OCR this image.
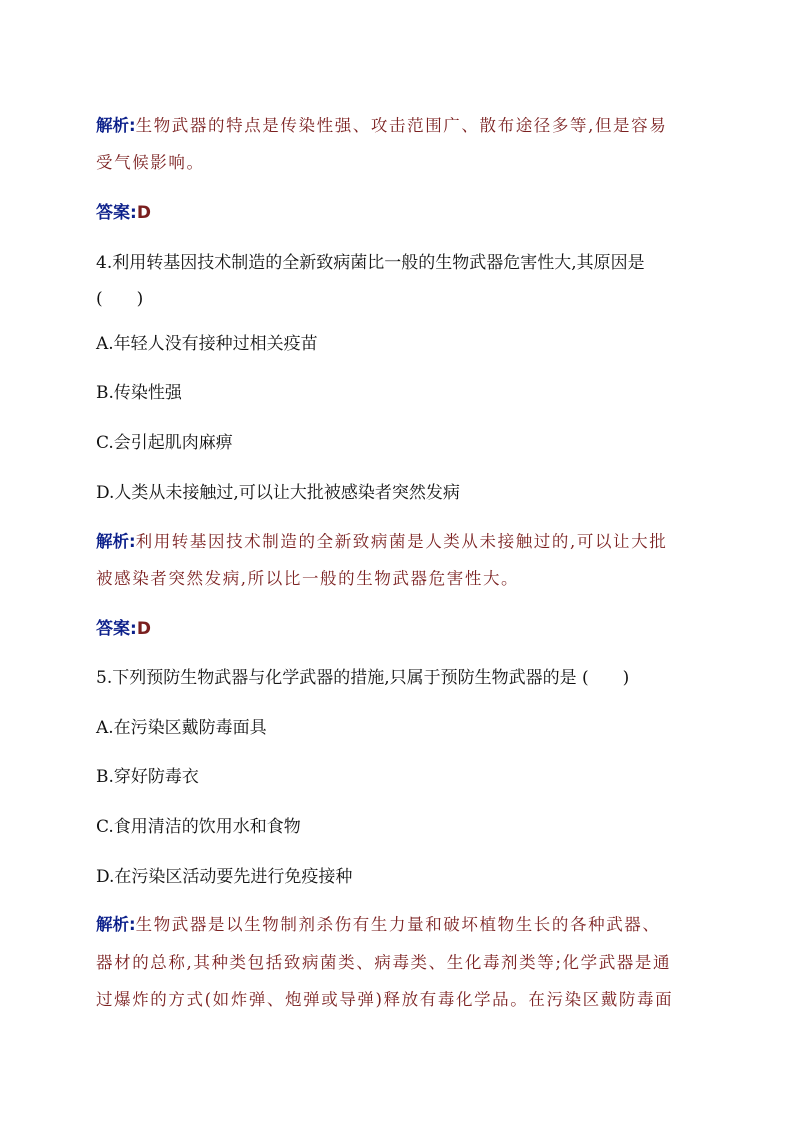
解析:生物武器的特点是传染性强、攻击范围广、散布途径多等,但是容易

受气候影响。

答案:D

4.利用转基因技术制造的全新致病菌比一般的生物武器危害性大,其原因是

(　　)

A.年轻人没有接种过相关疫苗

B.传染性强

C.会引起肌肉麻痹

D.人类从未接触过,可以让大批被感染者突然发病

解析:利用转基因技术制造的全新致病菌是人类从未接触过的,可以让大批

被感染者突然发病,所以比一般的生物武器危害性大。

答案:D

5.下列预防生物武器与化学武器的措施,只属于预防生物武器的是 (　　)

A.在污染区戴防毒面具

B.穿好防毒衣

C.食用清洁的饮用水和食物

D.在污染区活动要先进行免疫接种

解析:生物武器是以生物制剂杀伤有生力量和破坏植物生长的各种武器、

器材的总称,其种类包括致病菌类、病毒类、生化毒剂类等;化学武器是通

过爆炸的方式(如炸弹、炮弹或导弹)释放有毒化学品。在污染区戴防毒面
